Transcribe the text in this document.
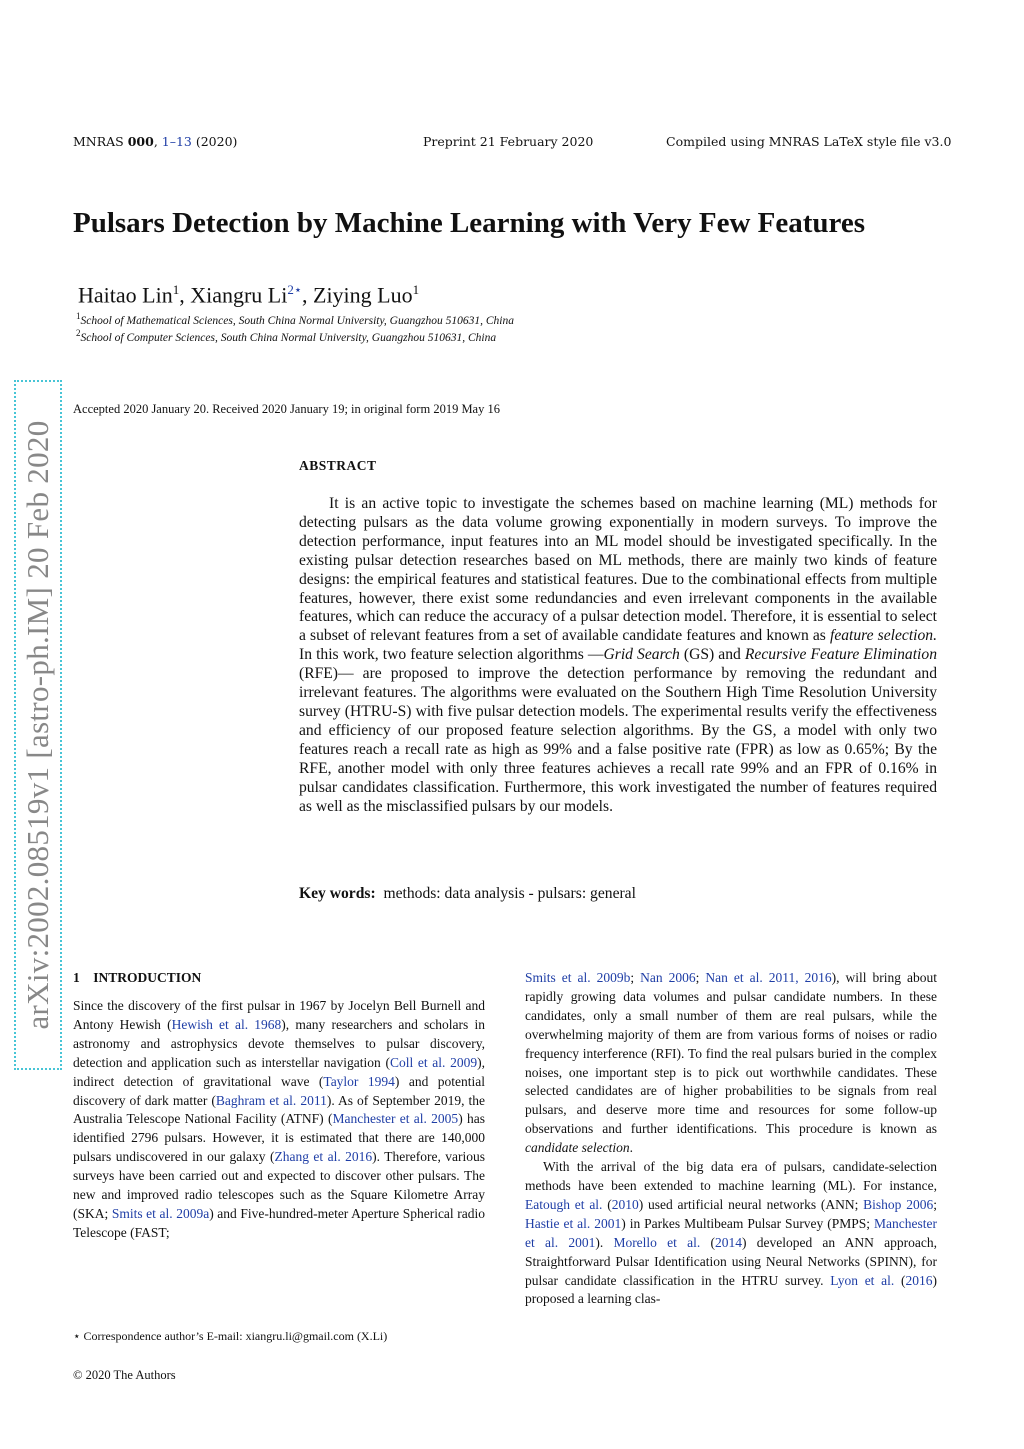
MNRAS 000, 1–13 (2020)	Preprint 21 February 2020	Compiled using MNRAS LaTeX style file v3.0
Pulsars Detection by Machine Learning with Very Few Features
Haitao Lin$^1$, Xiangru $Li^{2⋆}$, Ziying Luo$^1$
$^1$School of Mathematical Sciences, South China Normal University, Guangzhou 510631, China
$^2$School of Computer Sciences, South China Normal University, Guangzhou 510631, China
arXiv:2002.08519v1 [astro-ph.IM] 20 Feb 2020
Accepted 2020 January 20. Received 2020 January 19; in original form 2019 May 16
ABSTRACT
It is an active topic to investigate the schemes based on machine learning (ML) methods for detecting pulsars as the data volume growing exponentially in modern surveys. To improve the detection performance, input features into an ML model should be investigated specifically. In the existing pulsar detection researches based on ML methods, there are mainly two kinds of feature designs: the empirical features and statistical features. Due to the combinational effects from multiple features, however, there exist some redundancies and even irrelevant components in the available features, which can reduce the accuracy of a pulsar detection model. Therefore, it is essential to select a subset of relevant features from a set of available candidate features and known as feature selection. In this work, two feature selection algorithms —Grid Search (GS) and Recursive Feature Elimination (RFE)— are proposed to improve the detection performance by removing the redundant and irrelevant features. The algorithms were evaluated on the Southern High Time Resolution University survey (HTRU-S) with five pulsar detection models. The experimental results verify the effectiveness and efficiency of our proposed feature selection algorithms. By the GS, a model with only two features reach a recall rate as high as 99% and a false positive rate (FPR) as low as 0.65%; By the RFE, another model with only three features achieves a recall rate 99% and an FPR of 0.16% in pulsar candidates classification. Furthermore, this work investigated the number of features required as well as the misclassified pulsars by our models.
Key words: methods: data analysis - pulsars: general
1 INTRODUCTION

Since the discovery of the first pulsar in 1967 by Jocelyn Bell Burnell and Antony Hewish (Hewish et al. 1968), many researchers and scholars in astronomy and astrophysics devote themselves to pulsar discovery, detection and application such as interstellar navigation (Coll et al. 2009), indirect detection of gravitational wave (Taylor 1994) and potential discovery of dark matter (Baghram et al. 2011). As of September 2019, the Australia Telescope National Facility (ATNF) (Manchester et al. 2005) has identified 2796 pulsars. However, it is estimated that there are 140,000 pulsars undiscovered in our galaxy (Zhang et al. 2016). Therefore, various surveys have been carried out and expected to discover other pulsars. The new and improved radio telescopes such as the Square Kilometre Array (SKA; Smits et al. 2009a) and Five-hundred-meter Aperture Spherical radio Telescope (FAST;

Smits et al. 2009b; Nan 2006; Nan et al. 2011, 2016), will bring about rapidly growing data volumes and pulsar candidate numbers. In these candidates, only a small number of them are real pulsars, while the overwhelming majority of them are from various forms of noises or radio frequency interference (RFI). To find the real pulsars buried in the complex noises, one important step is to pick out worthwhile candidates. These selected candidates are of higher probabilities to be signals from real pulsars, and deserve more time and resources for some follow-up observations and further identifications. This procedure is known as candidate selection.

With the arrival of the big data era of pulsars, candidate-selection methods have been extended to machine learning (ML). For instance, Eatough et al. (2010) used artificial neural networks (ANN; Bishop 2006; Hastie et al. 2001) in Parkes Multibeam Pulsar Survey (PMPS; Manchester et al. 2001). Morello et al. (2014) developed an ANN approach, Straightforward Pulsar Identification using Neural Networks (SPINN), for pulsar candidate classification in the HTRU survey. Lyon et al. (2016) proposed a learning clas-

⋆ Correspondence author’s E-mail: xiangru.li@gmail.com (X.Li)
© 2020 The Authors
